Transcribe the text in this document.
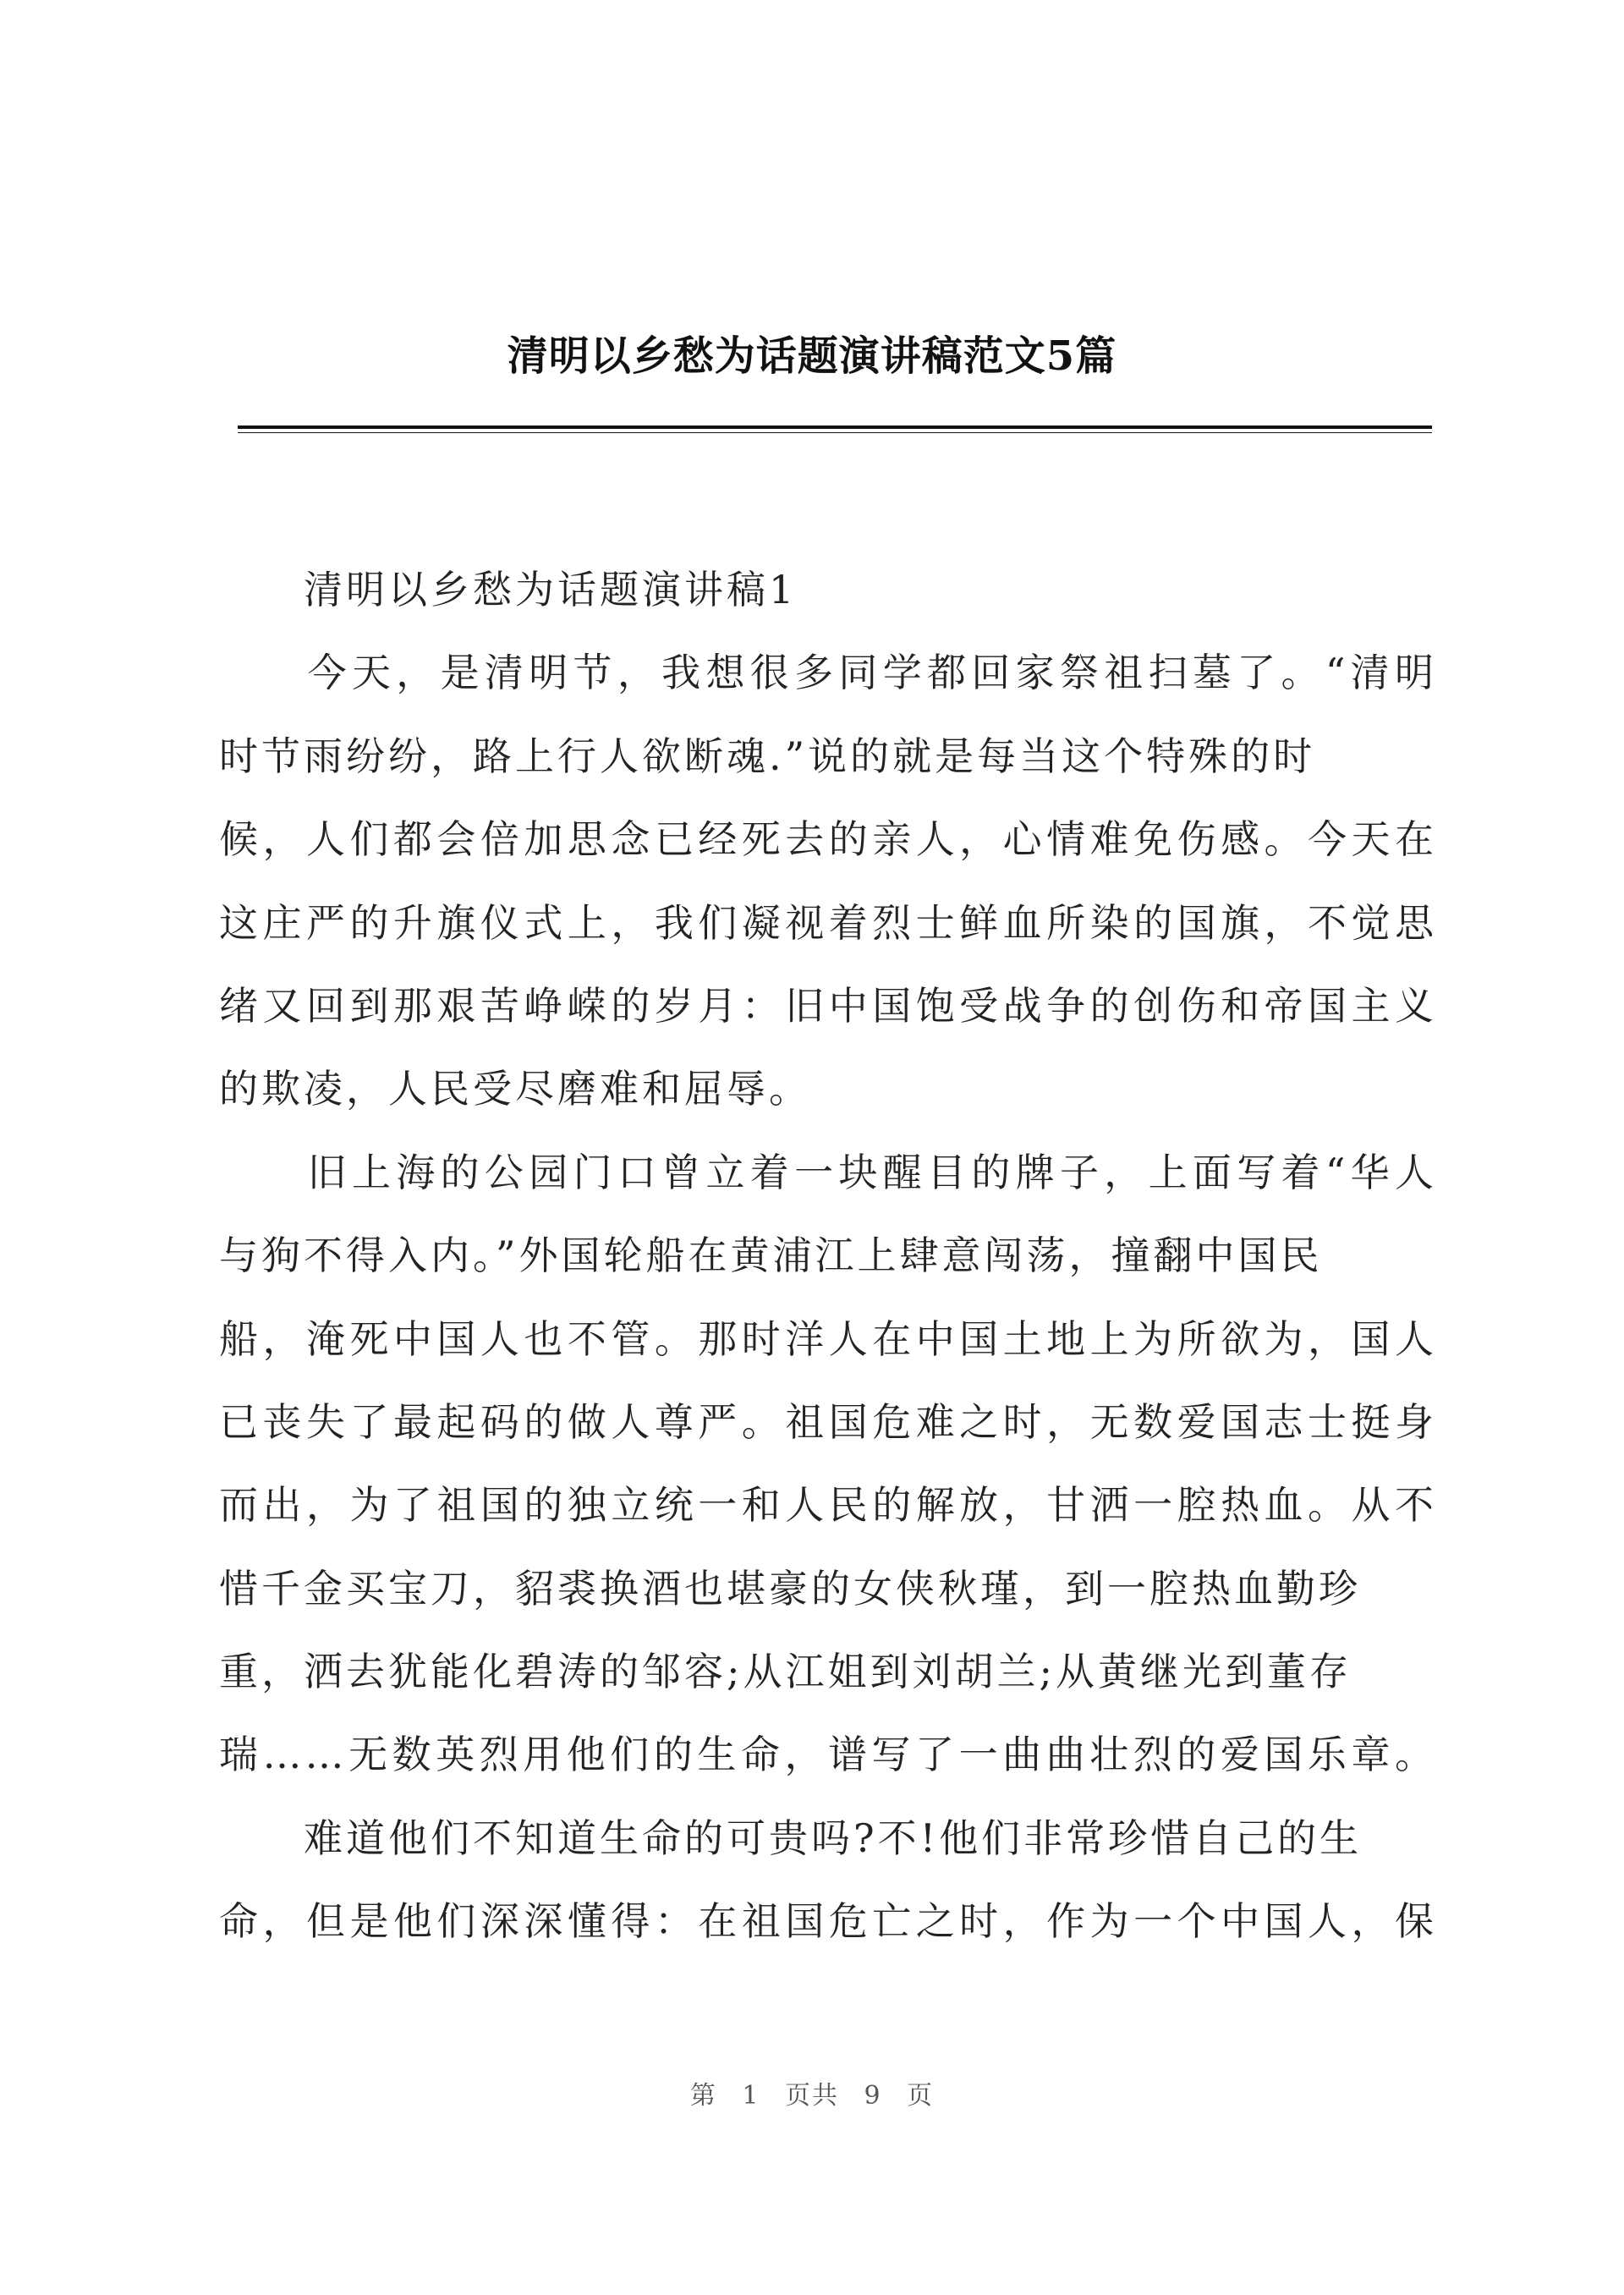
清明以乡愁为话题演讲稿范文5篇
　　清明以乡愁为话题演讲稿1
　　今天，是清明节，我想很多同学都回家祭祖扫墓了。“清明
时节雨纷纷，路上行人欲断魂.”说的就是每当这个特殊的时
候，人们都会倍加思念已经死去的亲人，心情难免伤感。今天在
这庄严的升旗仪式上，我们凝视着烈士鲜血所染的国旗，不觉思
绪又回到那艰苦峥嵘的岁月：旧中国饱受战争的创伤和帝国主义
的欺凌，人民受尽磨难和屈辱。
　　旧上海的公园门口曾立着一块醒目的牌子，上面写着“华人
与狗不得入内。”外国轮船在黄浦江上肆意闯荡，撞翻中国民
船，淹死中国人也不管。那时洋人在中国土地上为所欲为，国人
已丧失了最起码的做人尊严。祖国危难之时，无数爱国志士挺身
而出，为了祖国的独立统一和人民的解放，甘洒一腔热血。从不
惜千金买宝刀，貂裘换酒也堪豪的女侠秋瑾，到一腔热血勤珍
重，洒去犹能化碧涛的邹容;从江姐到刘胡兰;从黄继光到董存
瑞……无数英烈用他们的生命，谱写了一曲曲壮烈的爱国乐章。
　　难道他们不知道生命的可贵吗?不!他们非常珍惜自己的生
命，但是他们深深懂得：在祖国危亡之时，作为一个中国人，保
第 1 页共 9 页
